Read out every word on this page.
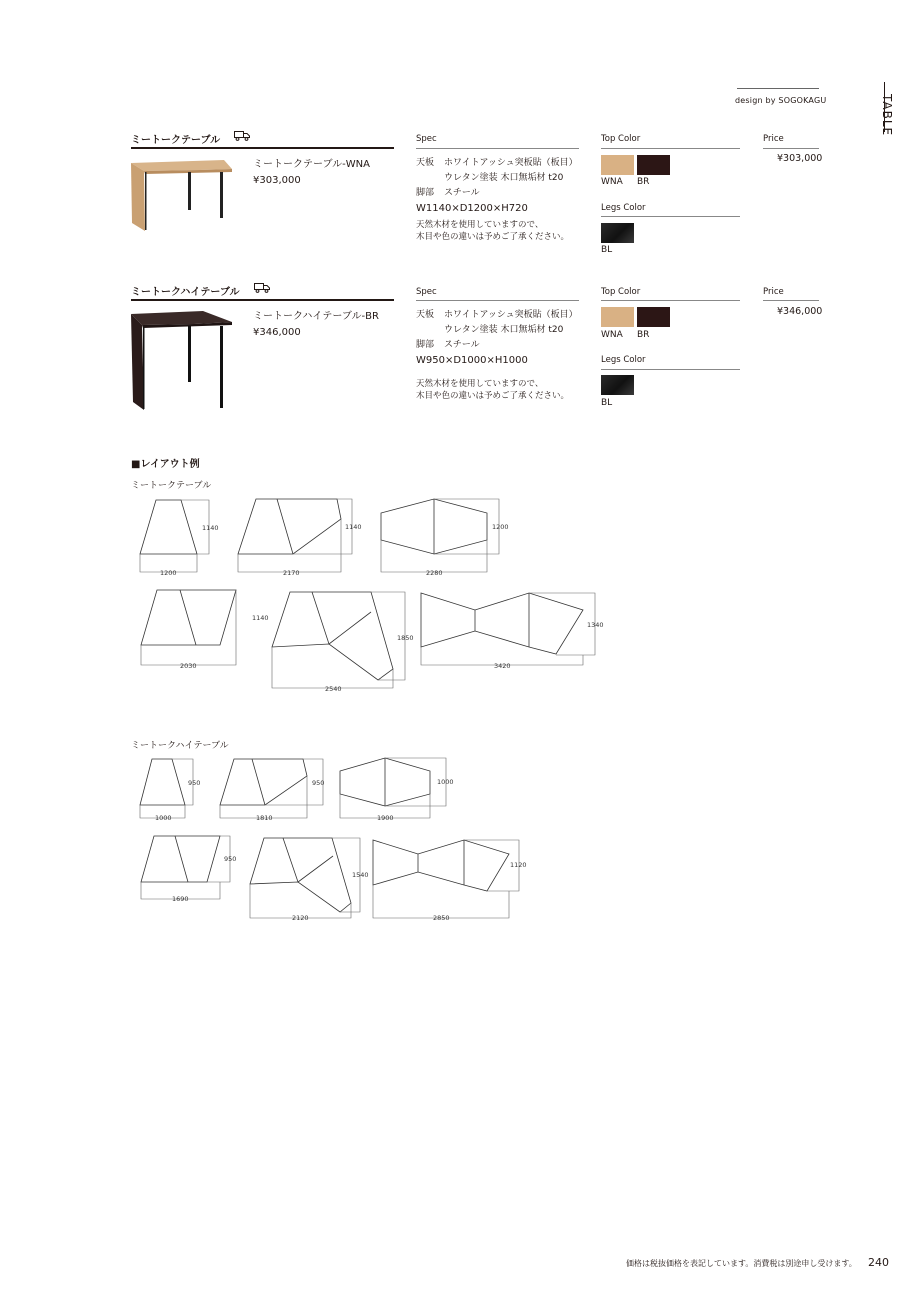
design by SOGOKAGU	TABLE
ミートークテーブル
ミートークテーブル-WNA
¥303,000
Spec
天板 ホワイトアッシュ突板貼（板目）
ウレタン塗装 木口無垢材 t20
脚部 スチール
W1140×D1200×H720
天然木材を使用していますので、
木目や色の違いは予めご了承ください。
Top Color
WNA BR
Legs Color
BL
Price
¥303,000
ミートークハイテーブル
ミートークハイテーブル-BR
¥346,000
Spec
天板 ホワイトアッシュ突板貼（板目）
ウレタン塗装 木口無垢材 t20
脚部 スチール
W950×D1000×H1000
天然木材を使用していますので、
木目や色の違いは予めご了承ください。
Top Color
WNA BR
Legs Color
BL
Price
¥346,000
■レイアウト例
ミートークテーブル
ミートークハイテーブル
1140
1200
1140
2170
1200
2280
1140
2030
1850
2540
1340
3420
950
1000
950
1810
1000
1900
950
1690
1540
2120
1120
2850
価格は税抜価格を表記しています。消費税は別途申し受けます。 240
